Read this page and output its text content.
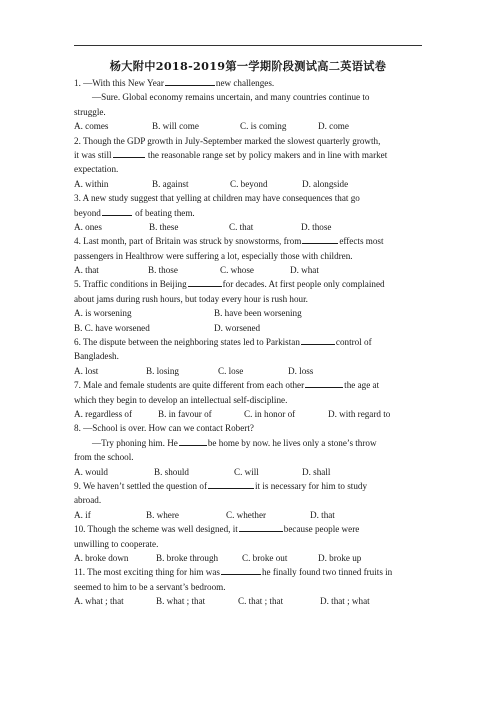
杨大附中2018-2019第一学期阶段测试高二英语试卷
1. —With this New Year	new challenges.
—Sure. Global economy remains uncertain, and many countries continue to
struggle.
A. comes	B. will come	C. is coming	D. come
2. Though the GDP growth in July-September marked the slowest quarterly growth,
it was still	the reasonable range set by policy makers and in line with market
expectation.
A. within	B. against	C. beyond	D. alongside
3. A new study suggest that yelling at children may have consequences that go
beyond	of beating them.
A. ones	B. these	C. that	D. those
4. Last month, part of Britain was struck by snowstorms, from	effects most
passengers in Healthrow were suffering a lot, especially those with children.
A. that	B. those	C. whose	D. what
5. Traffic conditions in Beijing	for decades. At first people only complained
about jams during rush hours, but today every hour is rush hour.
A. is worsening	B. have been worsening
B. C. have worsened	D. worsened
6. The dispute between the neighboring states led to Parkistan	control of
Bangladesh.
A. lost	B. losing	C. lose	D. loss
7. Male and female students are quite different from each other	the age at
which they begin to develop an intellectual self-discipline.
A. regardless of	B. in favour of	C. in honor of	D. with regard to
8. —School is over. How can we contact Robert?
—Try phoning him. He	be home by now. he lives only a stone’s throw
from the school.
A. would	B. should	C. will	D. shall
9. We haven’t settled the question of	it is necessary for him to study
abroad.
A. if	B. where	C. whether	D. that
10. Though the scheme was well designed, it	because people were
unwilling to cooperate.
A. broke down	B. broke through	C. broke out	D. broke up
11. The most exciting thing for him was	he finally found two tinned fruits in
seemed to him to be a servant’s bedroom.
A. what ; that	B. what ; that	C. that ; that	D. that ; what
